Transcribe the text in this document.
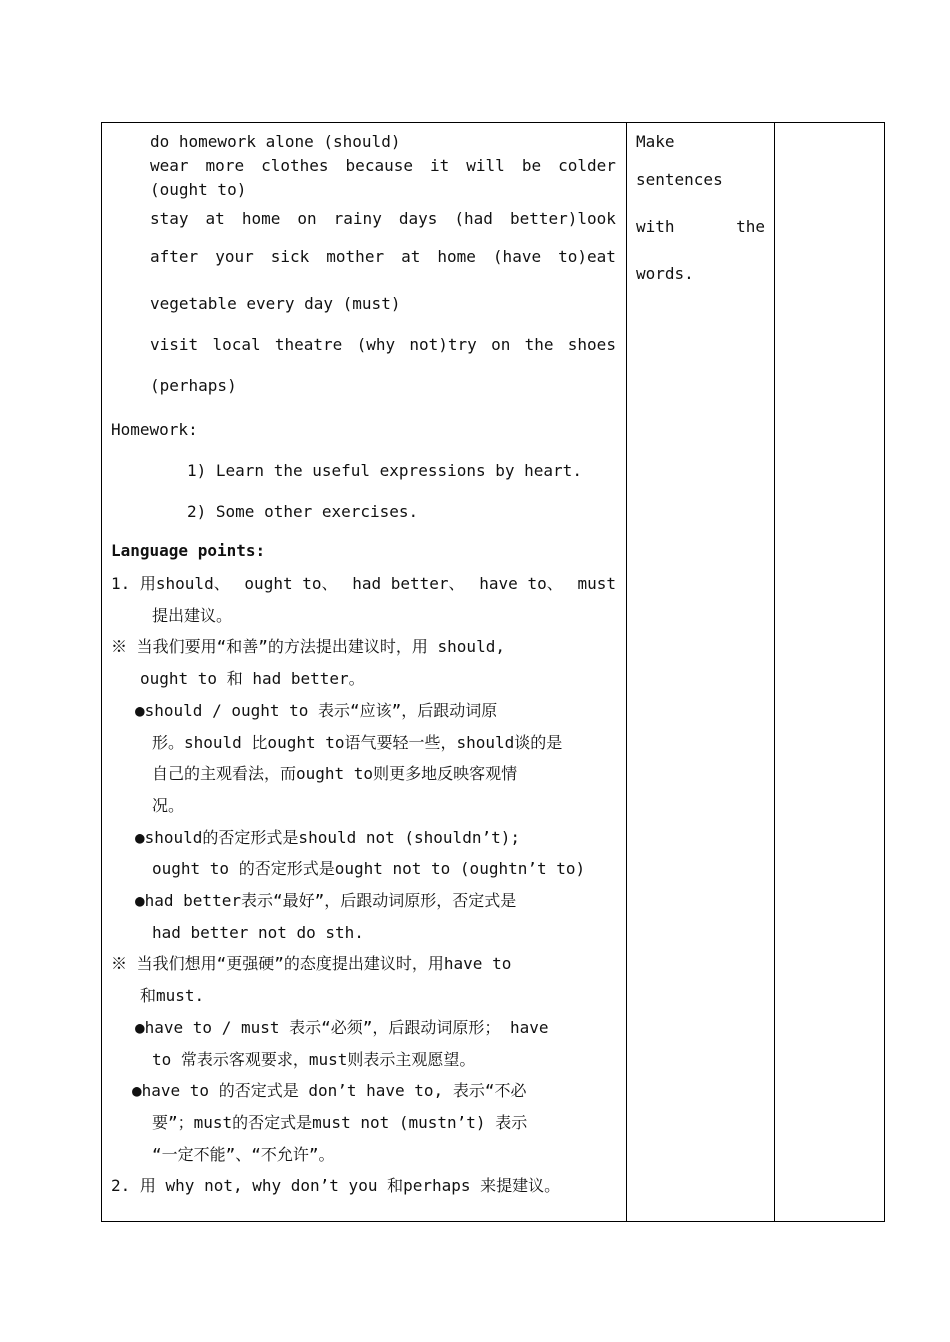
do homework alone (should)
wear more clothes because it will be colder
(ought to)
stay at home on rainy days (had better)look
after your sick mother at home (have to)eat
vegetable every day (must)
visit local theatre (why not)try on the shoes
(perhaps)
Homework:
1) Learn the useful expressions by heart.
2) Some other exercises.
Language points:
1. 用should、 ought to、 had better、 have to、 must
提出建议。
※ 当我们要用“和善”的方法提出建议时，用 should,
ought to 和 had better。
●should / ought to 表示“应该”，后跟动词原
形。should 比ought to语气要轻一些，should谈的是
自己的主观看法，而ought to则更多地反映客观情
况。
●should的否定形式是should not (shouldn’t);
ought to 的否定形式是ought not to (oughtn’t to)
●had better表示“最好”，后跟动词原形，否定式是
had better not do sth.
※ 当我们想用“更强硬”的态度提出建议时，用have to
和must.
●have to / must 表示“必须”，后跟动词原形； have
to 常表示客观要求，must则表示主观愿望。
●have to 的否定式是 don’t have to, 表示“不必
要”；must的否定式是must not (mustn’t) 表示
“一定不能”、“不允许”。
2. 用 why not, why don’t you 和perhaps 来提建议。

Make
sentences
with	the
words.
